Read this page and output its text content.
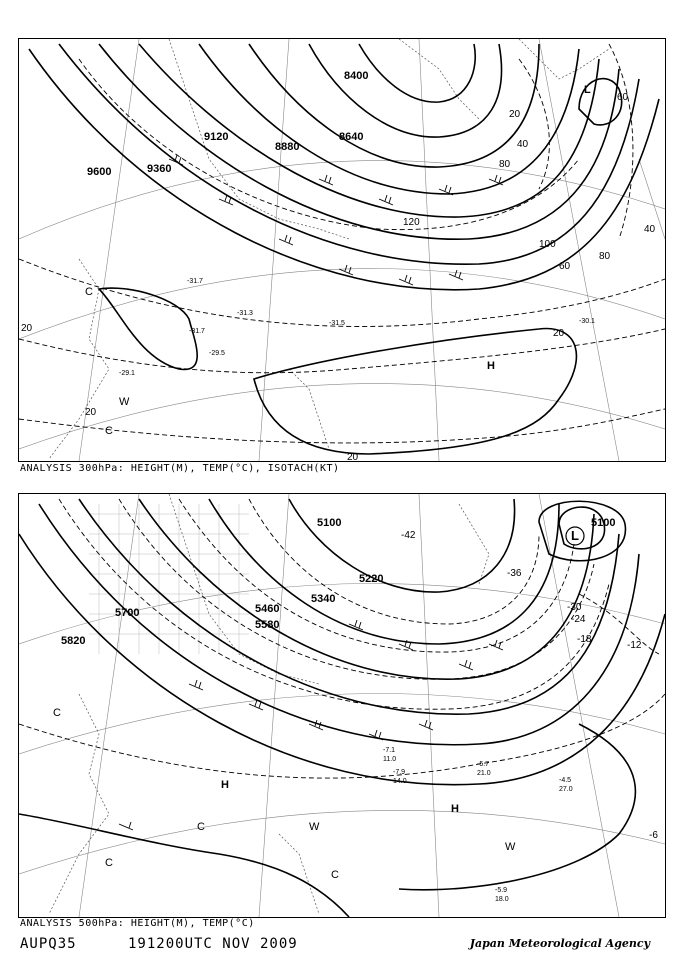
9600	9360
9120
8880
8640
8400
20
40
60
80
100
120
80
60
40
20
20
20
20
-31.7
-31.3
-31.5
-29.5
-30.1
-31.7
-29.1
H
L
C
W
C
ANALYSIS 300hPa: HEIGHT(M), TEMP(°C), ISOTACH(KT)
5100
5340
5460
5580
5700
5820
5100
5220
-42
-36
-30
-24
-18
-12
-6
-5.7
21.0
-4.5
27.0
-5.9
18.0
-7.1
11.0
-7.9
14.0
L
H
H
W
W
C
C
C
C
ANALYSIS 500hPa: HEIGHT(M), TEMP(°C)
AUPQ35	191200UTC NOV 2009	Japan Meteorological Agency
